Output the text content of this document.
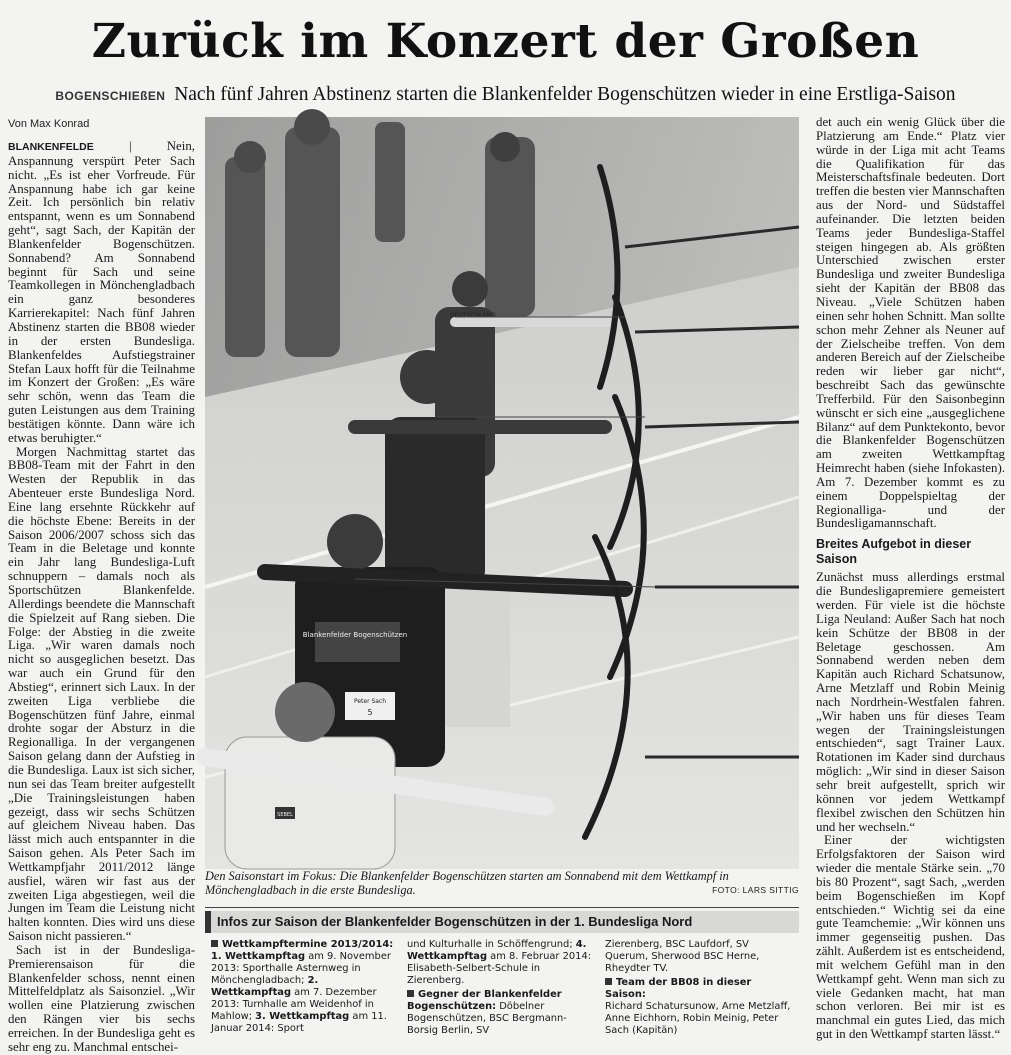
Zurück im Konzert der Großen
BOGENSCHIEßEN Nach fünf Jahren Abstinenz starten die Blankenfelder Bogenschützen wieder in eine Erstliga-Saison
Von Max Konrad

BLANKENFELDE	| Nein, Anspannung verspürt Peter Sach nicht. „Es ist eher Vorfreude. Für Anspannung habe ich gar keine Zeit. Ich persönlich bin relativ entspannt, wenn es um Sonnabend geht“, sagt Sach, der Kapitän der Blankenfelder Bogenschützen. Sonnabend? Am Sonnabend beginnt für Sach und seine Teamkollegen in Mönchengladbach ein ganz besonderes Karrierekapitel: Nach fünf Jahren Abstinenz starten die BB08 wieder in der ersten Bundesliga. Blankenfeldes Aufstiegstrainer Stefan Laux hofft für die Teilnahme im Konzert der Großen: „Es wäre sehr schön, wenn das Team die guten Leistungen aus dem Training bestätigen könnte. Dann wäre ich etwas beruhigter.“

Morgen Nachmittag startet das BB08-Team mit der Fahrt in den Westen der Republik in das Abenteuer erste Bundesliga Nord. Eine lang ersehnte Rückkehr auf die höchste Ebene: Bereits in der Saison 2006/2007 schoss sich das Team in die Beletage und konnte ein Jahr lang Bundesliga-Luft schnuppern – damals noch als Sportschützen Blankenfelde. Allerdings beendete die Mannschaft die Spielzeit auf Rang sieben. Die Folge: der Abstieg in die zweite Liga. „Wir waren damals noch nicht so ausgeglichen besetzt. Das war auch ein Grund für den Abstieg“, erinnert sich Laux. In der zweiten Liga verbliebe die Bogenschützen fünf Jahre, einmal drohte sogar der Absturz in die Regionalliga. In der vergangenen Saison gelang dann der Aufstieg in die Bundesliga. Laux ist sich sicher, nun sei das Team breiter aufgestellt „Die Trainingsleistungen haben gezeigt, dass wir sechs Schützen auf gleichem Niveau haben. Das lässt mich auch entspannter in die Saison gehen. Als Peter Sach im Wettkampfjahr 2011/2012 länge ausfiel, wären wir fast aus der zweiten Liga abgestiegen, weil die Jungen im Team die Leistung nicht halten konnten. Dies wird uns diese Saison nicht passieren.“

Sach ist in der Bundesliga-Premierensaison für die Blankenfelder schoss, nennt einen Mittelfeldplatz als Saisonziel. „Wir wollen eine Platzierung zwischen den Rängen vier bis sechs erreichen. In der Bundesliga geht es sehr eng zu. Manchmal entschei-

Blankenfelder Bogenschützen
Peter Sach
5
DEUTSCHLAND
SEBEL
Den Saisonstart im Fokus: Die Blankenfelder Bogenschützen starten am Sonnabend mit dem Wettkampf in Mönchengladbach in die erste Bundesliga.	FOTO: LARS SITTIG

det auch ein wenig Glück über die Platzierung am Ende.“ Platz vier würde in der Liga mit acht Teams die Qualifikation für das Meisterschaftsfinale bedeuten. Dort treffen die besten vier Mannschaften aus der Nord- und Südstaffel aufeinander. Die letzten beiden Teams jeder Bundesliga-Staffel steigen hingegen ab. Als größten Unterschied zwischen erster Bundesliga und zweiter Bundesliga sieht der Kapitän der BB08 das Niveau. „Viele Schützen haben einen sehr hohen Schnitt. Man sollte schon mehr Zehner als Neuner auf der Zielscheibe treffen. Von dem anderen Bereich auf der Zielscheibe reden wir lieber gar nicht“, beschreibt Sach das gewünschte Trefferbild. Für den Saisonbeginn wünscht er sich eine „ausgeglichene Bilanz“ auf dem Punktekonto, bevor die Blankenfelder Bogenschützen am zweiten Wettkampftag Heimrecht haben (siehe Infokasten). Am 7. Dezember kommt es zu einem Doppelspieltag der Regionalliga- und der Bundesligamannschaft.

Breites Aufgebot in dieser Saison

Zunächst muss allerdings erstmal die Bundesligapremiere gemeistert werden. Für viele ist die höchste Liga Neuland: Außer Sach hat noch kein Schütze der BB08 in der Beletage geschossen. Am Sonnabend werden neben dem Kapitän auch Richard Schatsunow, Arne Metzlaff und Robin Meinig nach Nordrhein-Westfalen fahren. „Wir haben uns für dieses Team wegen der Trainingsleistungen entschieden“, sagt Trainer Laux. Rotationen im Kader sind durchaus möglich: „Wir sind in dieser Saison sehr breit aufgestellt, sprich wir können vor jedem Wettkampf flexibel zwischen den Schützen hin und her wechseln.“

Einer der wichtigsten Erfolgsfaktoren der Saison wird wieder die mentale Stärke sein. „70 bis 80 Prozent“, sagt Sach, „werden beim Bogenschießen im Kopf entschieden.“ Wichtig sei da eine gute Teamchemie: „Wir können uns immer gegenseitig pushen. Das zählt. Außerdem ist es entscheidend, mit welchem Gefühl man in den Wettkampf geht. Wenn man sich zu viele Gedanken macht, hat man schon verloren. Bei mir ist es manchmal ein gutes Lied, das mich gut in den Wettkampf starten lässt.“

Infos zur Saison der Blankenfelder Bogenschützen in der 1. Bundesliga Nord

Wettkampftermine 2013/2014:
1. Wettkampftag am 9. November 2013: Sporthalle Asternweg in Mönchengladbach; 2. Wettkampftag am 7. Dezember 2013: Turnhalle am Weidenhof in Mahlow; 3. Wettkampftag am 11. Januar 2014: Sport

und Kulturhalle in Schöffengrund; 4. Wettkampftag am 8. Februar 2014: Elisabeth-Selbert-Schule in Zierenberg.

Gegner der Blankenfelder Bogenschützen: Döbelner Bogenschützen, BSC Bergmann-Borsig Berlin, SV

Zierenberg, BSC Laufdorf, SV Querum, Sherwood BSC Herne, Rheydter TV.

Team der BB08 in dieser Saison:
Richard Schatursunow, Arne Metzlaff, Anne Eichhorn, Robin Meinig, Peter Sach (Kapitän)
